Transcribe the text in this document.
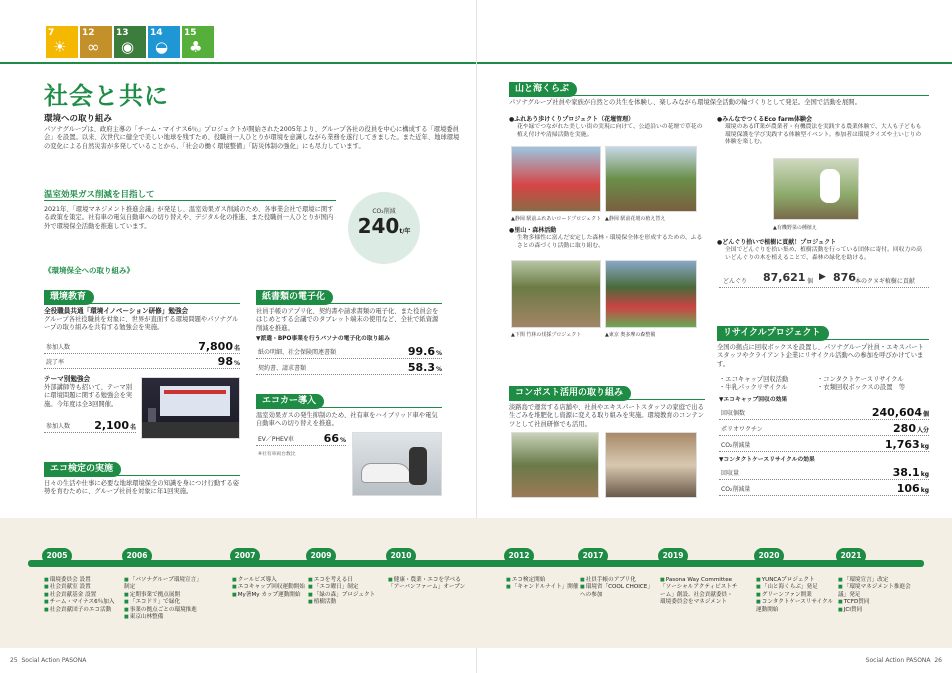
7
☀
12
∞
13
◉
14
◒
15
♣
社会と共に
環境への取り組み
パソナグループは、政府主導の「チーム・マイナス6％」プロジェクトが開始された2005年より、グループ各社の役員を中心に構成する「環境委員会」を設置。以来、次世代に健全で美しい地球を残すため、役職員一人ひとりが環境を意識しながら業務を遂行してきました。また近年、地球環境の変化による自然災害が多発していることから、「社会の働く環境整備」「防災体制の強化」にも尽力しています。
温室効果ガス削減を目指して
2021年、「環境マネジメント推進会議」が発足し、温室効果ガス削減のため、各事業会社で環境に関する政策を策定。社有車の電気自動車への切り替えや、デジタル化の推進、また役職員一人ひとりが国内外で環境保全活動を推進しています。
CO₂削減
240t/年
《環境保全への取り組み》
環境教育
全役職員共通「環境イノベーション研修」勉強会
グループ各社役職員を対象に、世界が直面する環境問題やパソナグループの取り組みを共有する勉強会を実施。
参加人数	7,800名
読了率	98%
テーマ別勉強会
外部講師等も招いて、テーマ別に環境問題に関する勉強会を実施。今年度は全3回開催。
参加人数 2,100名
エコ検定の実施
日々の生活や仕事に必要な地球環境保全の知識を身につけ行動する姿勢を育むために、グループ社員を対象に年1回実施。
紙書類の電子化
社員手帳のアプリ化、契約書や請求書類の電子化、また役員会をはじめとする会議でのタブレット端末の使用など、全社で紙資源削減を推進。
▼派遣・BPO事業を行うパソナの電子化の取り組み
紙の明細、社会保険関連書類	99.6%
契約書、請求書類	58.3%
エコカー導入
温室効果ガスの発生抑制のため、社有車をハイブリッド車や電気自動車への切り替えを推進。
EV／PHEV車	66%
※社有車両台数比
山と海くらぶ
パソナグループ社員や家族が自然との共生を体験し、楽しみながら環境保全活動の輪づくりとして発足。全国で活動を展開。
●ふれあう歩けくりプロジェクト（花壇管理）
花や緑でつながれた美しい街の実現に向けて、公道沿いの花壇で草花の植え付けや清掃活動を実施。
▲静岡 駅前ふれあいロードプロジェクト ▲静岡 駅前花壇の植え替え
●里山・森林活動
生物多様性に富んだ安定した森林・環境保全体を形成するための、ふるさとの森づくり活動に取り組む。
▲下関 竹林の伐採プロジェクト	▲東京 奥多摩の森整備
●みんなでつくるEco farm体験会
環境のあるIT業が農業者・有機農法を実践する農業体験で、大人も子どもも環境保護を学び実践する体験型イベント。参加者は環境クイズや土いじりの体験を楽しむ。
▲有機野菜の種植え
●どんぐり拾いで植樹に貢献！プロジェクト
全国でどんぐりを拾い集め、植樹活動を行っている団体に寄付。回収力の高いどんぐりの木を植えることで、森林の緑化を助ける。
どんぐり 87,621 個 ▶ 876 本のクヌギ植樹に貢献
コンポスト活用の取り組み
淡路島で運営する店舗や、社員やエキスパートスタッフの家庭で出る生ごみを堆肥化し資源に変える取り組みを実施。環境教育のコンテンツとして社員研修でも活用。
リサイクルプロジェクト
全国の拠点に回収ボックスを設置し、パソナグループ社員・エキスパートスタッフやクライアント企業にリサイクル活動への参加を呼びかけています。
・エコキャップ回収活動	・コンタクトケースリサイクル
・牛乳パックリサイクル	・衣類回収ボックスの設置　等
▼エコキャップ回収の効果
回収個数	240,604個
ポリオワクチン	280人分
CO₂削減量	1,763kg
▼コンタクトケースリサイクルの効果
回収量	38.1kg
CO₂削減量	106kg
2005
■ 環境委員会 設置
■ 社会貢献室 設置
■ 社会貢献基金 設置
■ チーム・マイナス6％加入
■ 社会貢献団子のエコ活動
2006
■ 「パソナグループ環境宣言」制定
■ 定期事業で拠点展開
■ 「エコドリ」で緑化
■ 事業の拠点ごとの環境推進
■ 東京山林整備
2007
■ クールビズ導入
■ エコキャップ回収運動開始
■ My箸My カップ運動開始
2009
■ エコを考える日
■ 「エコ曜日」制定
■ 「緑の森」プロジェクト
■ 植樹活動
2010
■ 健康・農業・エコを学べる「アーバンファーム」オープン
2012
■ エコ検定開始
■ 「キャンドルナイト」開催
2017
■ 社員手帳のアプリ化
■ 環境省「COOL CHOICE」への参加
2019
■ Pasona Way Committee「ソーシャルアクティビストチーム」創設、社会貢献委員・環境委員会をマネジメント
2020
■ YUNCAプロジェクト
■ 「山と海くらぶ」発足
■ グリーンファン開業
■ コンタクトケースリサイクル運動開始
2021
■ 「環境宣言」改定
■ 「環境マネジメント推進会議」発足
■ TCFD賛同
■ JCI賛同
25 Social Action PASONA	Social Action PASONA 26
